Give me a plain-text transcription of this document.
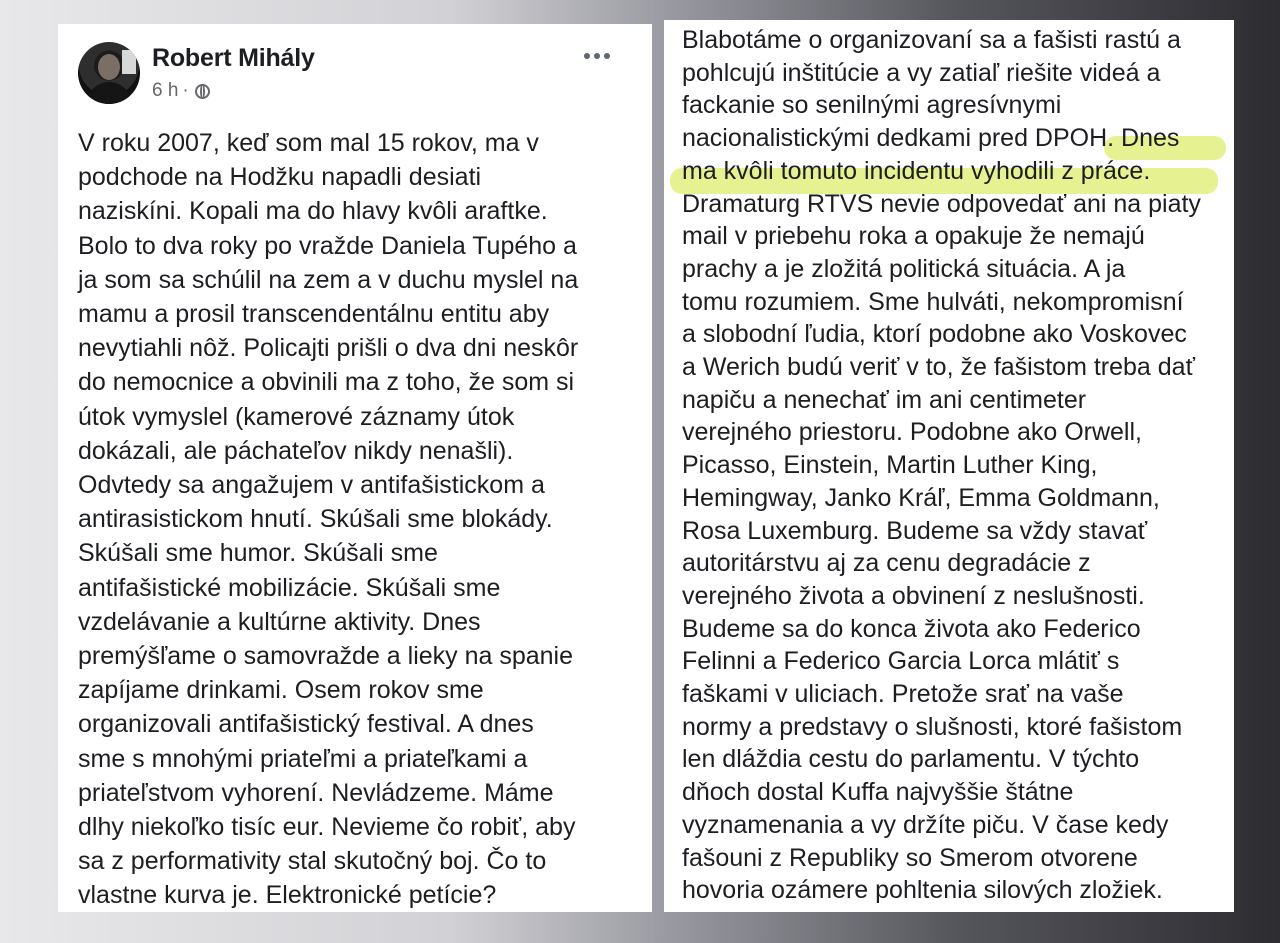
Robert Mihály
6 h ·

V roku 2007, keď som mal 15 rokov, ma v
podchode na Hodžku napadli desiati
naziskíni. Kopali ma do hlavy kvôli araftke.
Bolo to dva roky po vražde Daniela Tupého a
ja som sa schúlil na zem a v duchu myslel na
mamu a prosil transcendentálnu entitu aby
nevytiahli nôž. Policajti prišli o dva dni neskôr
do nemocnice a obvinili ma z toho, že som si
útok vymyslel (kamerové záznamy útok
dokázali, ale páchateľov nikdy nenašli).
Odvtedy sa angažujem v antifašistickom a
antirasistickom hnutí. Skúšali sme blokády.
Skúšali sme humor. Skúšali sme
antifašistické mobilizácie. Skúšali sme
vzdelávanie a kultúrne aktivity. Dnes
premýšľame o samovražde a lieky na spanie
zapíjame drinkami. Osem rokov sme
organizovali antifašistický festival. A dnes
sme s mnohými priateľmi a priateľkami a
priateľstvom vyhorení. Nevládzeme. Máme
dlhy niekoľko tisíc eur. Nevieme čo robiť, aby
sa z performativity stal skutočný boj. Čo to
vlastne kurva je. Elektronické petície?

Blabotáme o organizovaní sa a fašisti rastú a
pohlcujú inštitúcie a vy zatiaľ riešite videá a
fackanie so senilnými agresívnymi
nacionalistickými dedkami pred DPOH. Dnes
ma kvôli tomuto incidentu vyhodili z práce.
Dramaturg RTVS nevie odpovedať ani na piaty
mail v priebehu roka a opakuje že nemajú
prachy a je zložitá politická situácia. A ja
tomu rozumiem. Sme hulváti, nekompromisní
a slobodní ľudia, ktorí podobne ako Voskovec
a Werich budú veriť v to, že fašistom treba dať
napiču a nenechať im ani centimeter
verejného priestoru. Podobne ako Orwell,
Picasso, Einstein, Martin Luther King,
Hemingway, Janko Kráľ, Emma Goldmann,
Rosa Luxemburg. Budeme sa vždy stavať
autoritárstvu aj za cenu degradácie z
verejného života a obvinení z neslušnosti.
Budeme sa do konca života ako Federico
Felinni a Federico Garcia Lorca mlátiť s
faškami v uliciach. Pretože srať na vaše
normy a predstavy o slušnosti, ktoré fašistom
len dláždia cestu do parlamentu. V týchto
dňoch dostal Kuffa najvyššie štátne
vyznamenania a vy držíte piču. V čase kedy
fašouni z Republiky so Smerom otvorene
hovoria ozámere pohltenia silových zložiek.
